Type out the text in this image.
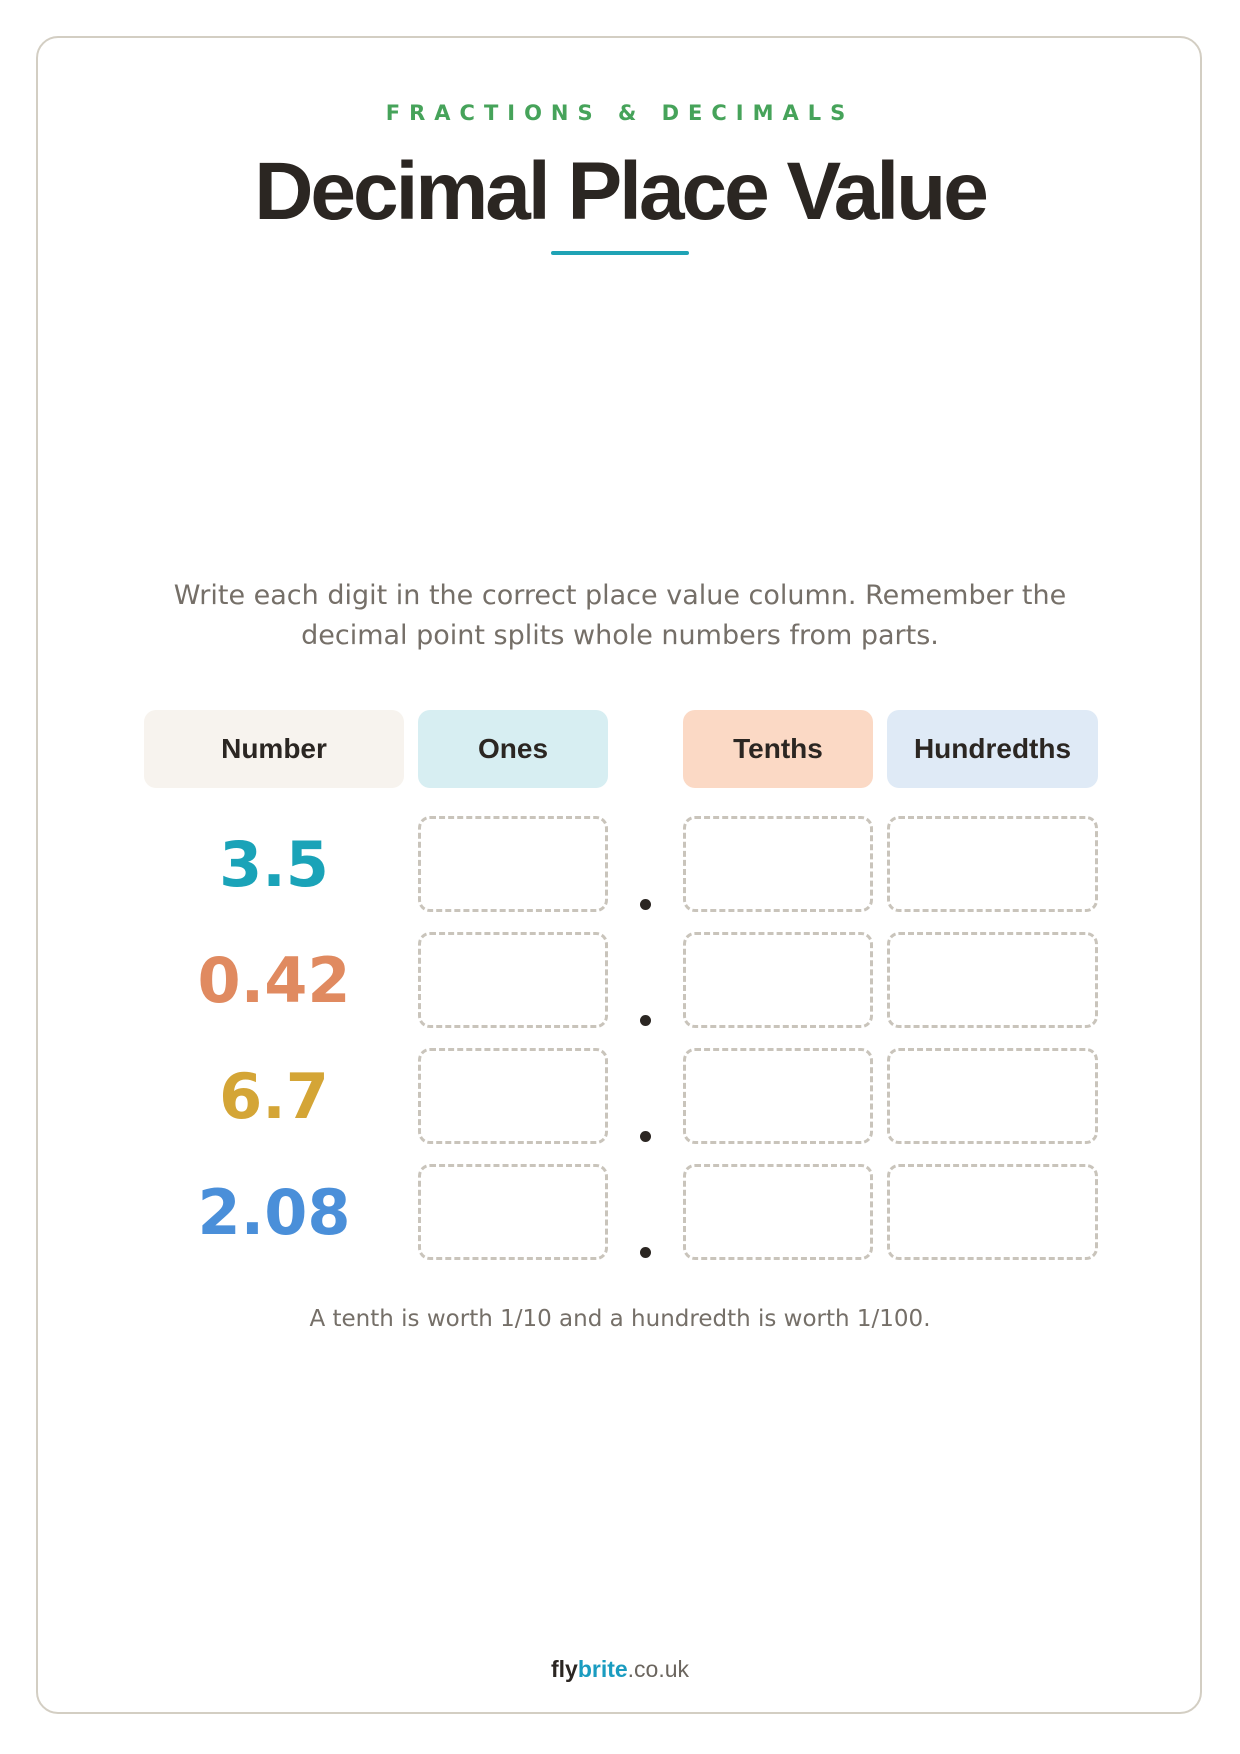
FRACTIONS & DECIMALS
Decimal Place Value
Write each digit in the correct place value column. Remember the decimal point splits whole numbers from parts.
Number	Ones	Tenths	Hundredths
3.5
0.42
6.7
2.08
A tenth is worth 1/10 and a hundredth is worth 1/100.
flybrite.co.uk
